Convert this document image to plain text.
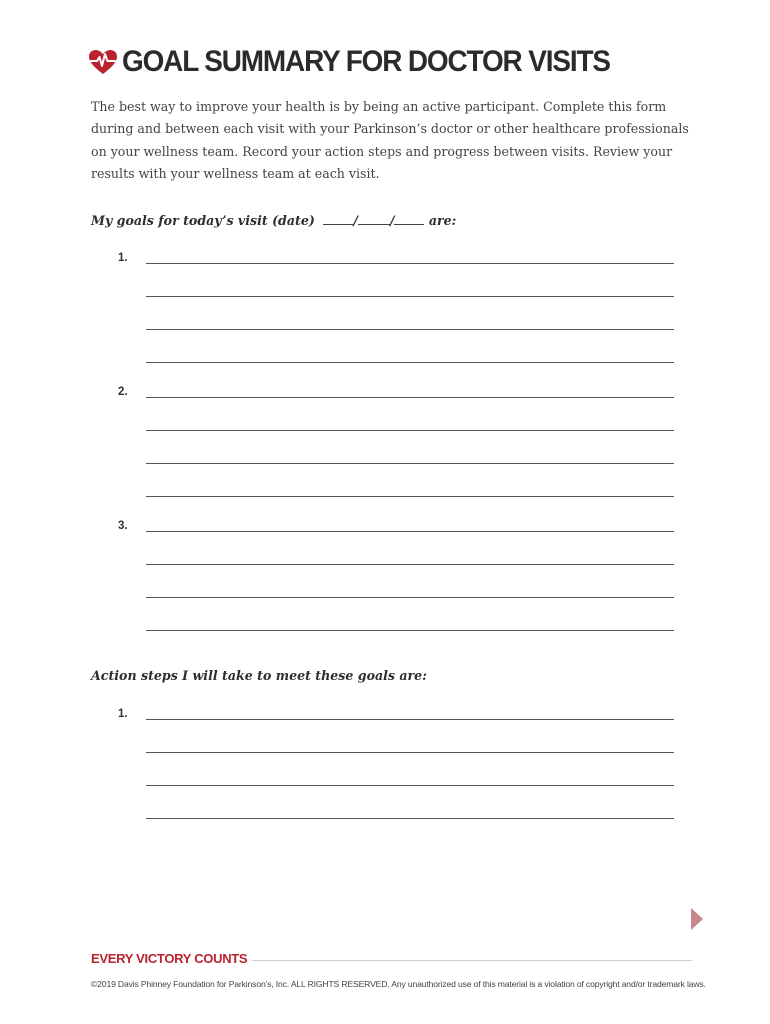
GOAL SUMMARY FOR DOCTOR VISITS

The best way to improve your health is by being an active participant. Complete this form

during and between each visit with your Parkinson’s doctor or other healthcare professionals

on your wellness team. Record your action steps and progress between visits. Review your

results with your wellness team at each visit.

My goals for today’s visit (date)	/	/	are:
1.
2.
3.
Action steps I will take to meet these goals are:
1.
EVERY VICTORY COUNTS
©2019 Davis Phinney Foundation for Parkinson’s, Inc. ALL RIGHTS RESERVED. Any unauthorized use of this material is a violation of copyright and/or trademark laws.
